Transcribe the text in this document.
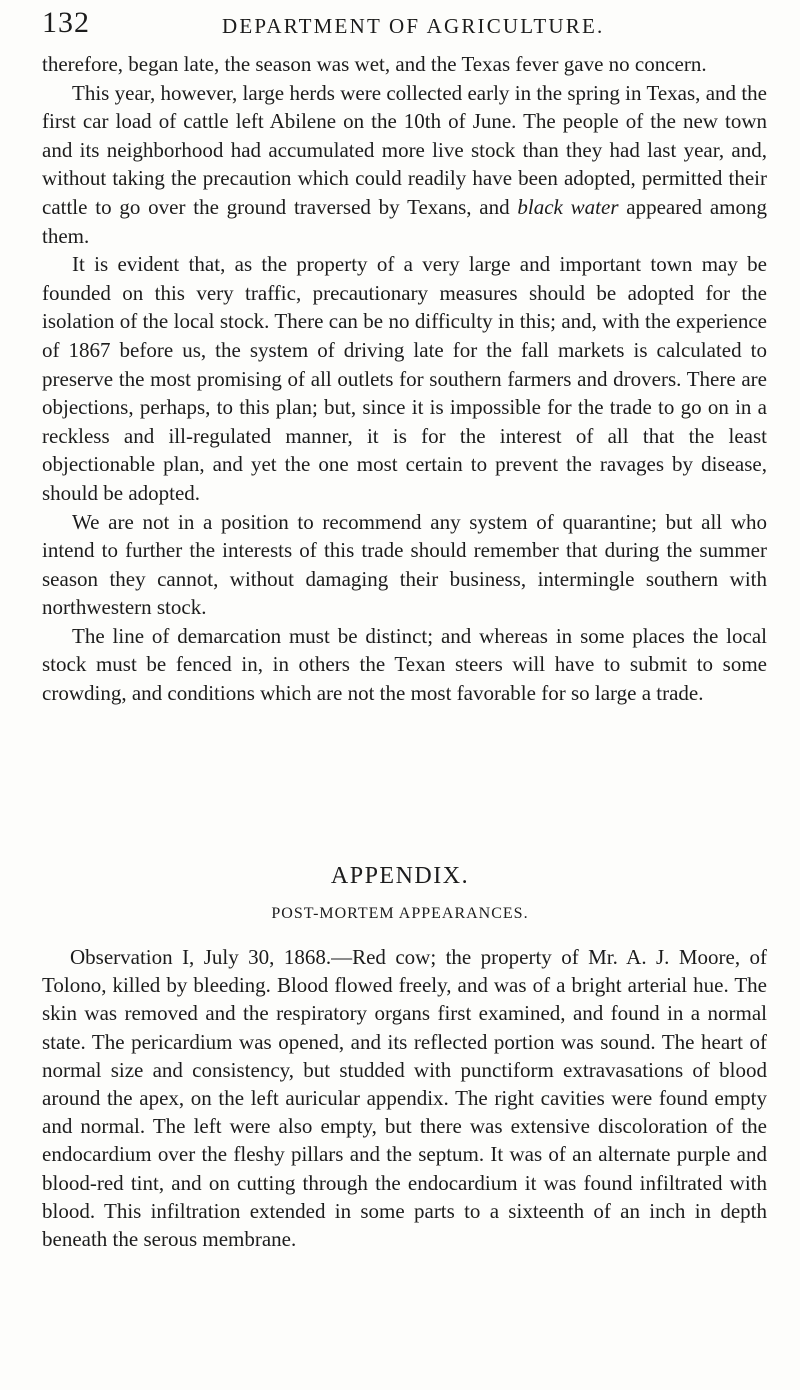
132	DEPARTMENT OF AGRICULTURE.

therefore, began late, the season was wet, and the Texas fever gave no concern.

This year, however, large herds were collected early in the spring in Texas, and the first car load of cattle left Abilene on the 10th of June. The people of the new town and its neighborhood had accumulated more live stock than they had last year, and, without taking the precaution which could readily have been adopted, permitted their cattle to go over the ground traversed by Texans, and black water appeared among them.

It is evident that, as the property of a very large and important town may be founded on this very traffic, precautionary measures should be adopted for the isolation of the local stock. There can be no difficulty in this; and, with the experience of 1867 before us, the system of driving late for the fall markets is calculated to preserve the most promising of all outlets for southern farmers and drovers. There are objections, perhaps, to this plan; but, since it is impossible for the trade to go on in a reckless and ill-regulated manner, it is for the interest of all that the least objectionable plan, and yet the one most certain to prevent the ravages by disease, should be adopted.

We are not in a position to recommend any system of quarantine; but all who intend to further the interests of this trade should remember that during the summer season they cannot, without damaging their business, intermingle southern with northwestern stock.

The line of demarcation must be distinct; and whereas in some places the local stock must be fenced in, in others the Texan steers will have to submit to some crowding, and conditions which are not the most favorable for so large a trade.

APPENDIX.
POST-MORTEM APPEARANCES.

Observation I, July 30, 1868.—Red cow; the property of Mr. A. J. Moore, of Tolono, killed by bleeding. Blood flowed freely, and was of a bright arterial hue. The skin was removed and the respiratory organs first examined, and found in a normal state. The pericardium was opened, and its reflected portion was sound. The heart of normal size and consistency, but studded with punctiform extravasations of blood around the apex, on the left auricular appendix. The right cavities were found empty and normal. The left were also empty, but there was extensive discoloration of the endocardium over the fleshy pillars and the septum. It was of an alternate purple and blood-red tint, and on cutting through the endocardium it was found infiltrated with blood. This infiltration extended in some parts to a sixteenth of an inch in depth beneath the serous membrane.
